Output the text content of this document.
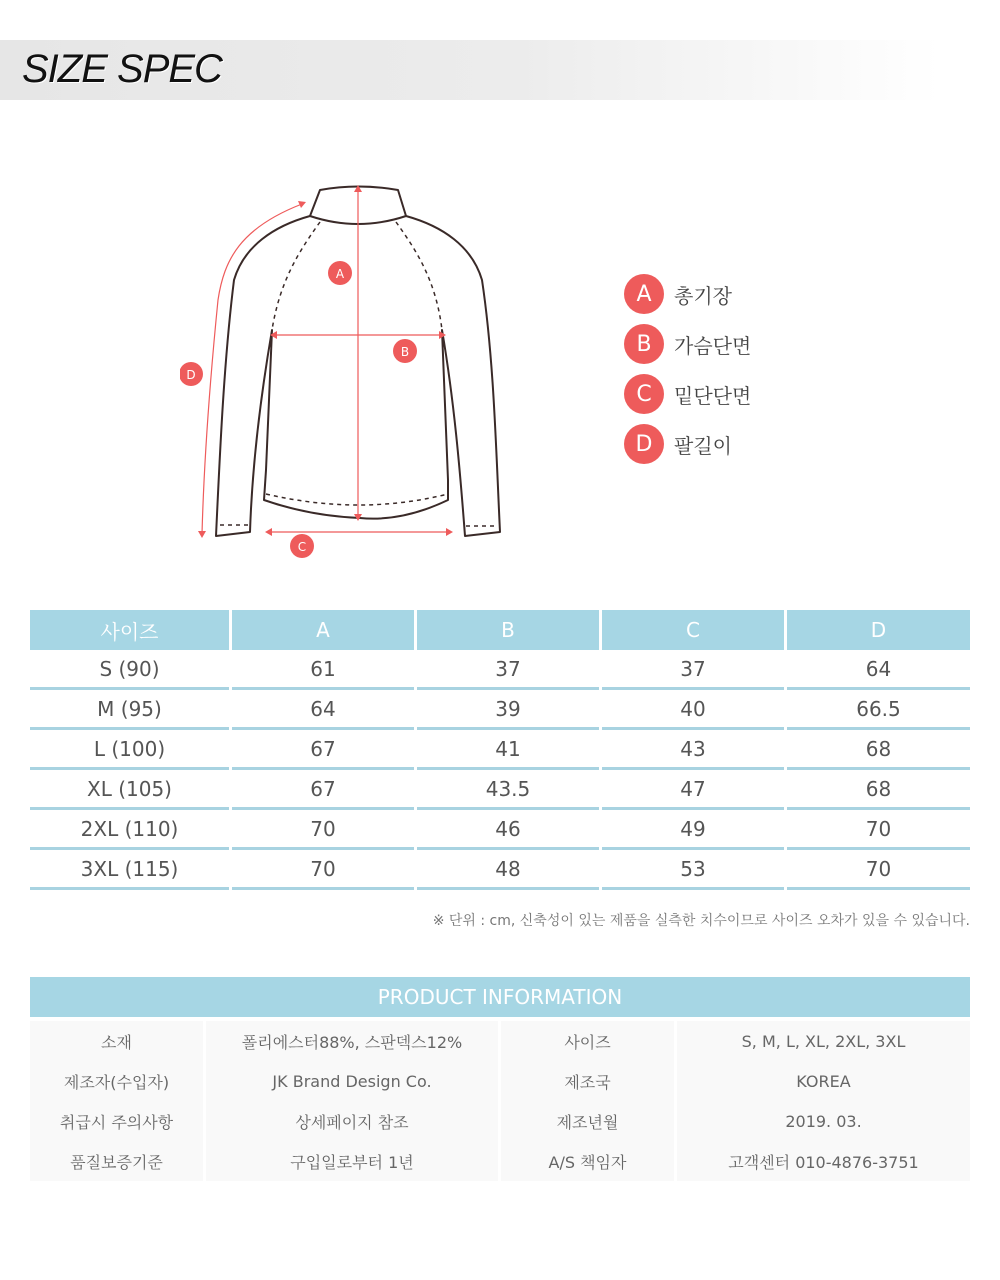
SIZE SPEC
A
B
C
D
A	총기장
B	가슴단면
C	밑단단면
D	팔길이
사이즈	A	B	C	D
S (90)	61	37	37	64
M (95)	64	39	40	66.5
L (100)	67	41	43	68
XL (105)	67	43.5	47	68
2XL (110)	70	46	49	70
3XL (115)	70	48	53	70
※ 단위 : cm, 신축성이 있는 제품을 실측한 치수이므로 사이즈 오차가 있을 수 있습니다.
PRODUCT INFORMATION
소재	폴리에스터88%, 스판덱스12%	사이즈	S, M, L, XL, 2XL, 3XL
제조자(수입자)	JK Brand Design Co.	제조국	KOREA
취급시 주의사항	상세페이지 참조	제조년월	2019. 03.
품질보증기준	구입일로부터 1년	A/S 책임자	고객센터 010-4876-3751
